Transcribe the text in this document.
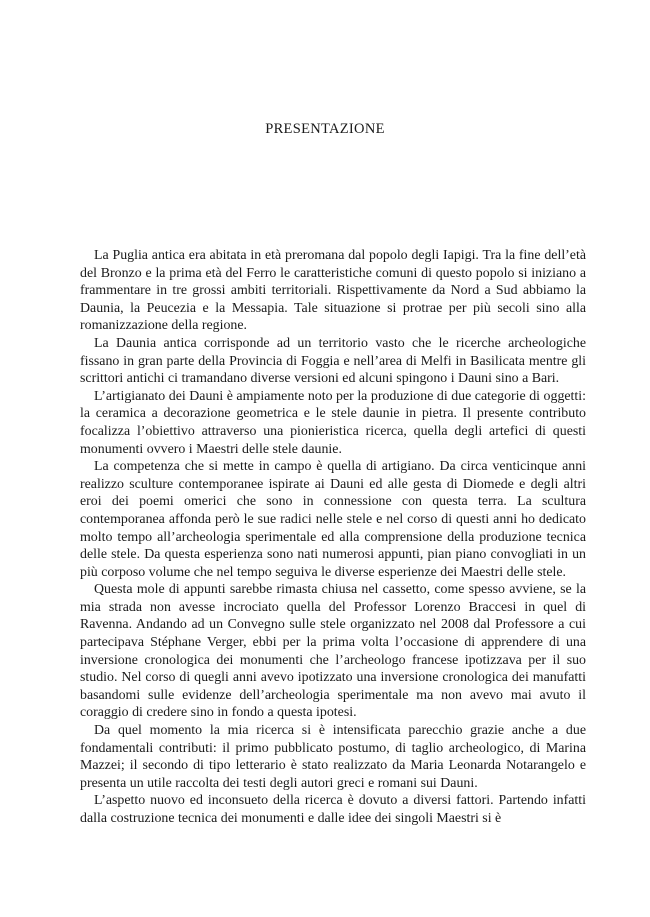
PRESENTAZIONE

La Puglia antica era abitata in età preromana dal popolo degli Iapigi. Tra la fine dell’età del Bronzo e la prima età del Ferro le caratteristiche comuni di questo popolo si iniziano a frammentare in tre grossi ambiti territoriali. Rispettivamente da Nord a Sud abbiamo la Daunia, la Peucezia e la Messapia. Tale situazione si protrae per più secoli sino alla romanizzazione della regione.

La Daunia antica corrisponde ad un territorio vasto che le ricerche archeologiche fissano in gran parte della Provincia di Foggia e nell’area di Melfi in Basilicata mentre gli scrittori antichi ci tramandano diverse versioni ed alcuni spingono i Dauni sino a Bari.

L’artigianato dei Dauni è ampiamente noto per la produzione di due categorie di oggetti: la ceramica a decorazione geometrica e le stele daunie in pietra. Il presente contributo focalizza l’obiettivo attraverso una pionieristica ricerca, quella degli artefici di questi monumenti ovvero i Maestri delle stele daunie.

La competenza che si mette in campo è quella di artigiano. Da circa venticinque anni realizzo sculture contemporanee ispirate ai Dauni ed alle gesta di Diomede e degli altri eroi dei poemi omerici che sono in connessione con questa terra. La scultura contemporanea affonda però le sue radici nelle stele e nel corso di questi anni ho dedicato molto tempo all’archeologia sperimentale ed alla comprensione della produzione tecnica delle stele. Da questa esperienza sono nati numerosi appunti, pian piano convogliati in un più corposo volume che nel tempo seguiva le diverse esperienze dei Maestri delle stele.

Questa mole di appunti sarebbe rimasta chiusa nel cassetto, come spesso avviene, se la mia strada non avesse incrociato quella del Professor Lorenzo Braccesi in quel di Ravenna. Andando ad un Convegno sulle stele organizzato nel 2008 dal Professore a cui partecipava Stéphane Verger, ebbi per la prima volta l’occasione di apprendere di una inversione cronologica dei monumenti che l’archeologo francese ipotizzava per il suo studio. Nel corso di quegli anni avevo ipotizzato una inversione cronologica dei manufatti basandomi sulle evidenze dell’archeologia sperimentale ma non avevo mai avuto il coraggio di credere sino in fondo a questa ipotesi.

Da quel momento la mia ricerca si è intensificata parecchio grazie anche a due fondamentali contributi: il primo pubblicato postumo, di taglio archeologico, di Marina Mazzei; il secondo di tipo letterario è stato realizzato da Maria Leonarda Notarangelo e presenta un utile raccolta dei testi degli autori greci e romani sui Dauni.

L’aspetto nuovo ed inconsueto della ricerca è dovuto a diversi fattori. Partendo infatti dalla costruzione tecnica dei monumenti e dalle idee dei singoli Maestri si è
